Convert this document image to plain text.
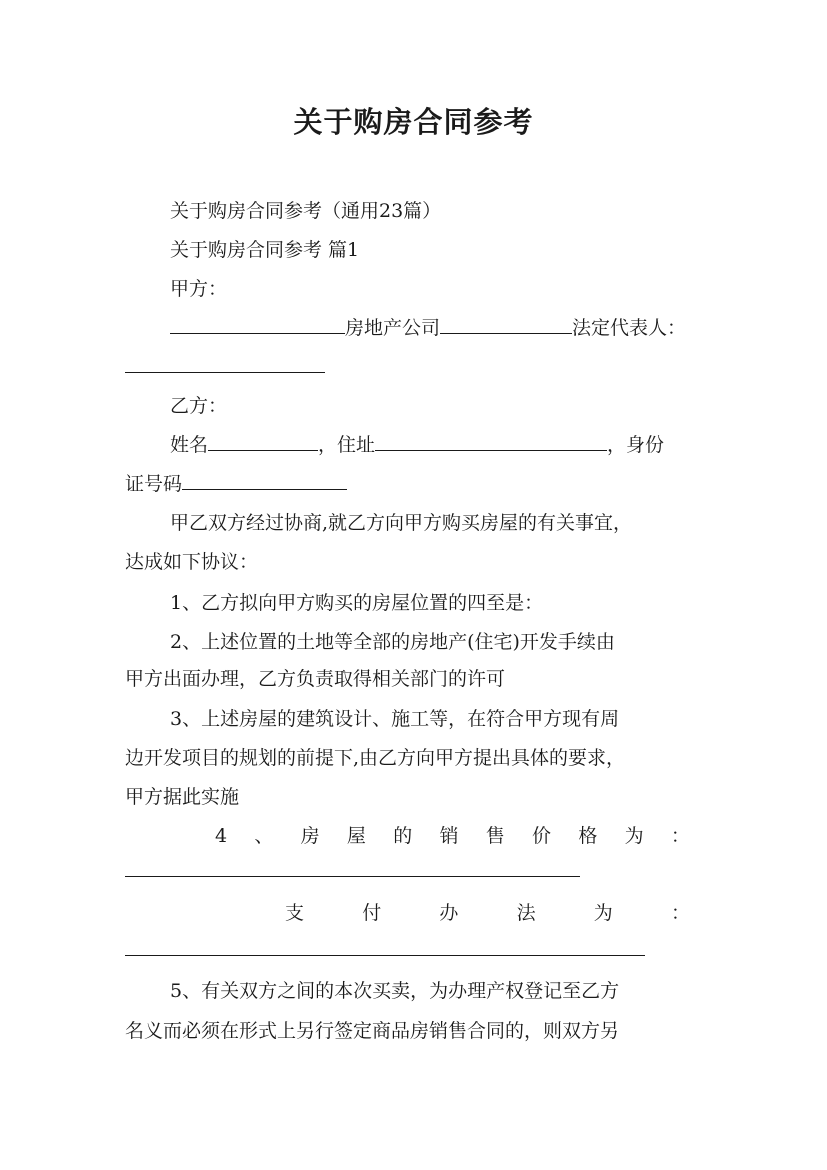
关于购房合同参考
关于购房合同参考（通用23篇）
关于购房合同参考 篇1
甲方：
房地产公司	法定代表人：
乙方：
姓名	，住址	，身份
证号码
甲乙双方经过协商,就乙方向甲方购买房屋的有关事宜，
达成如下协议：
1、乙方拟向甲方购买的房屋位置的四至是：
2、上述位置的土地等全部的房地产(住宅)开发手续由
甲方出面办理，乙方负责取得相关部门的许可
3、上述房屋的建筑设计、施工等，在符合甲方现有周
边开发项目的规划的前提下,由乙方向甲方提出具体的要求，
甲方据此实施
4 、 房 屋 的 销 售 价 格 为 ：
支	付	办	法	为	：
5、有关双方之间的本次买卖，为办理产权登记至乙方
名义而必须在形式上另行签定商品房销售合同的，则双方另
